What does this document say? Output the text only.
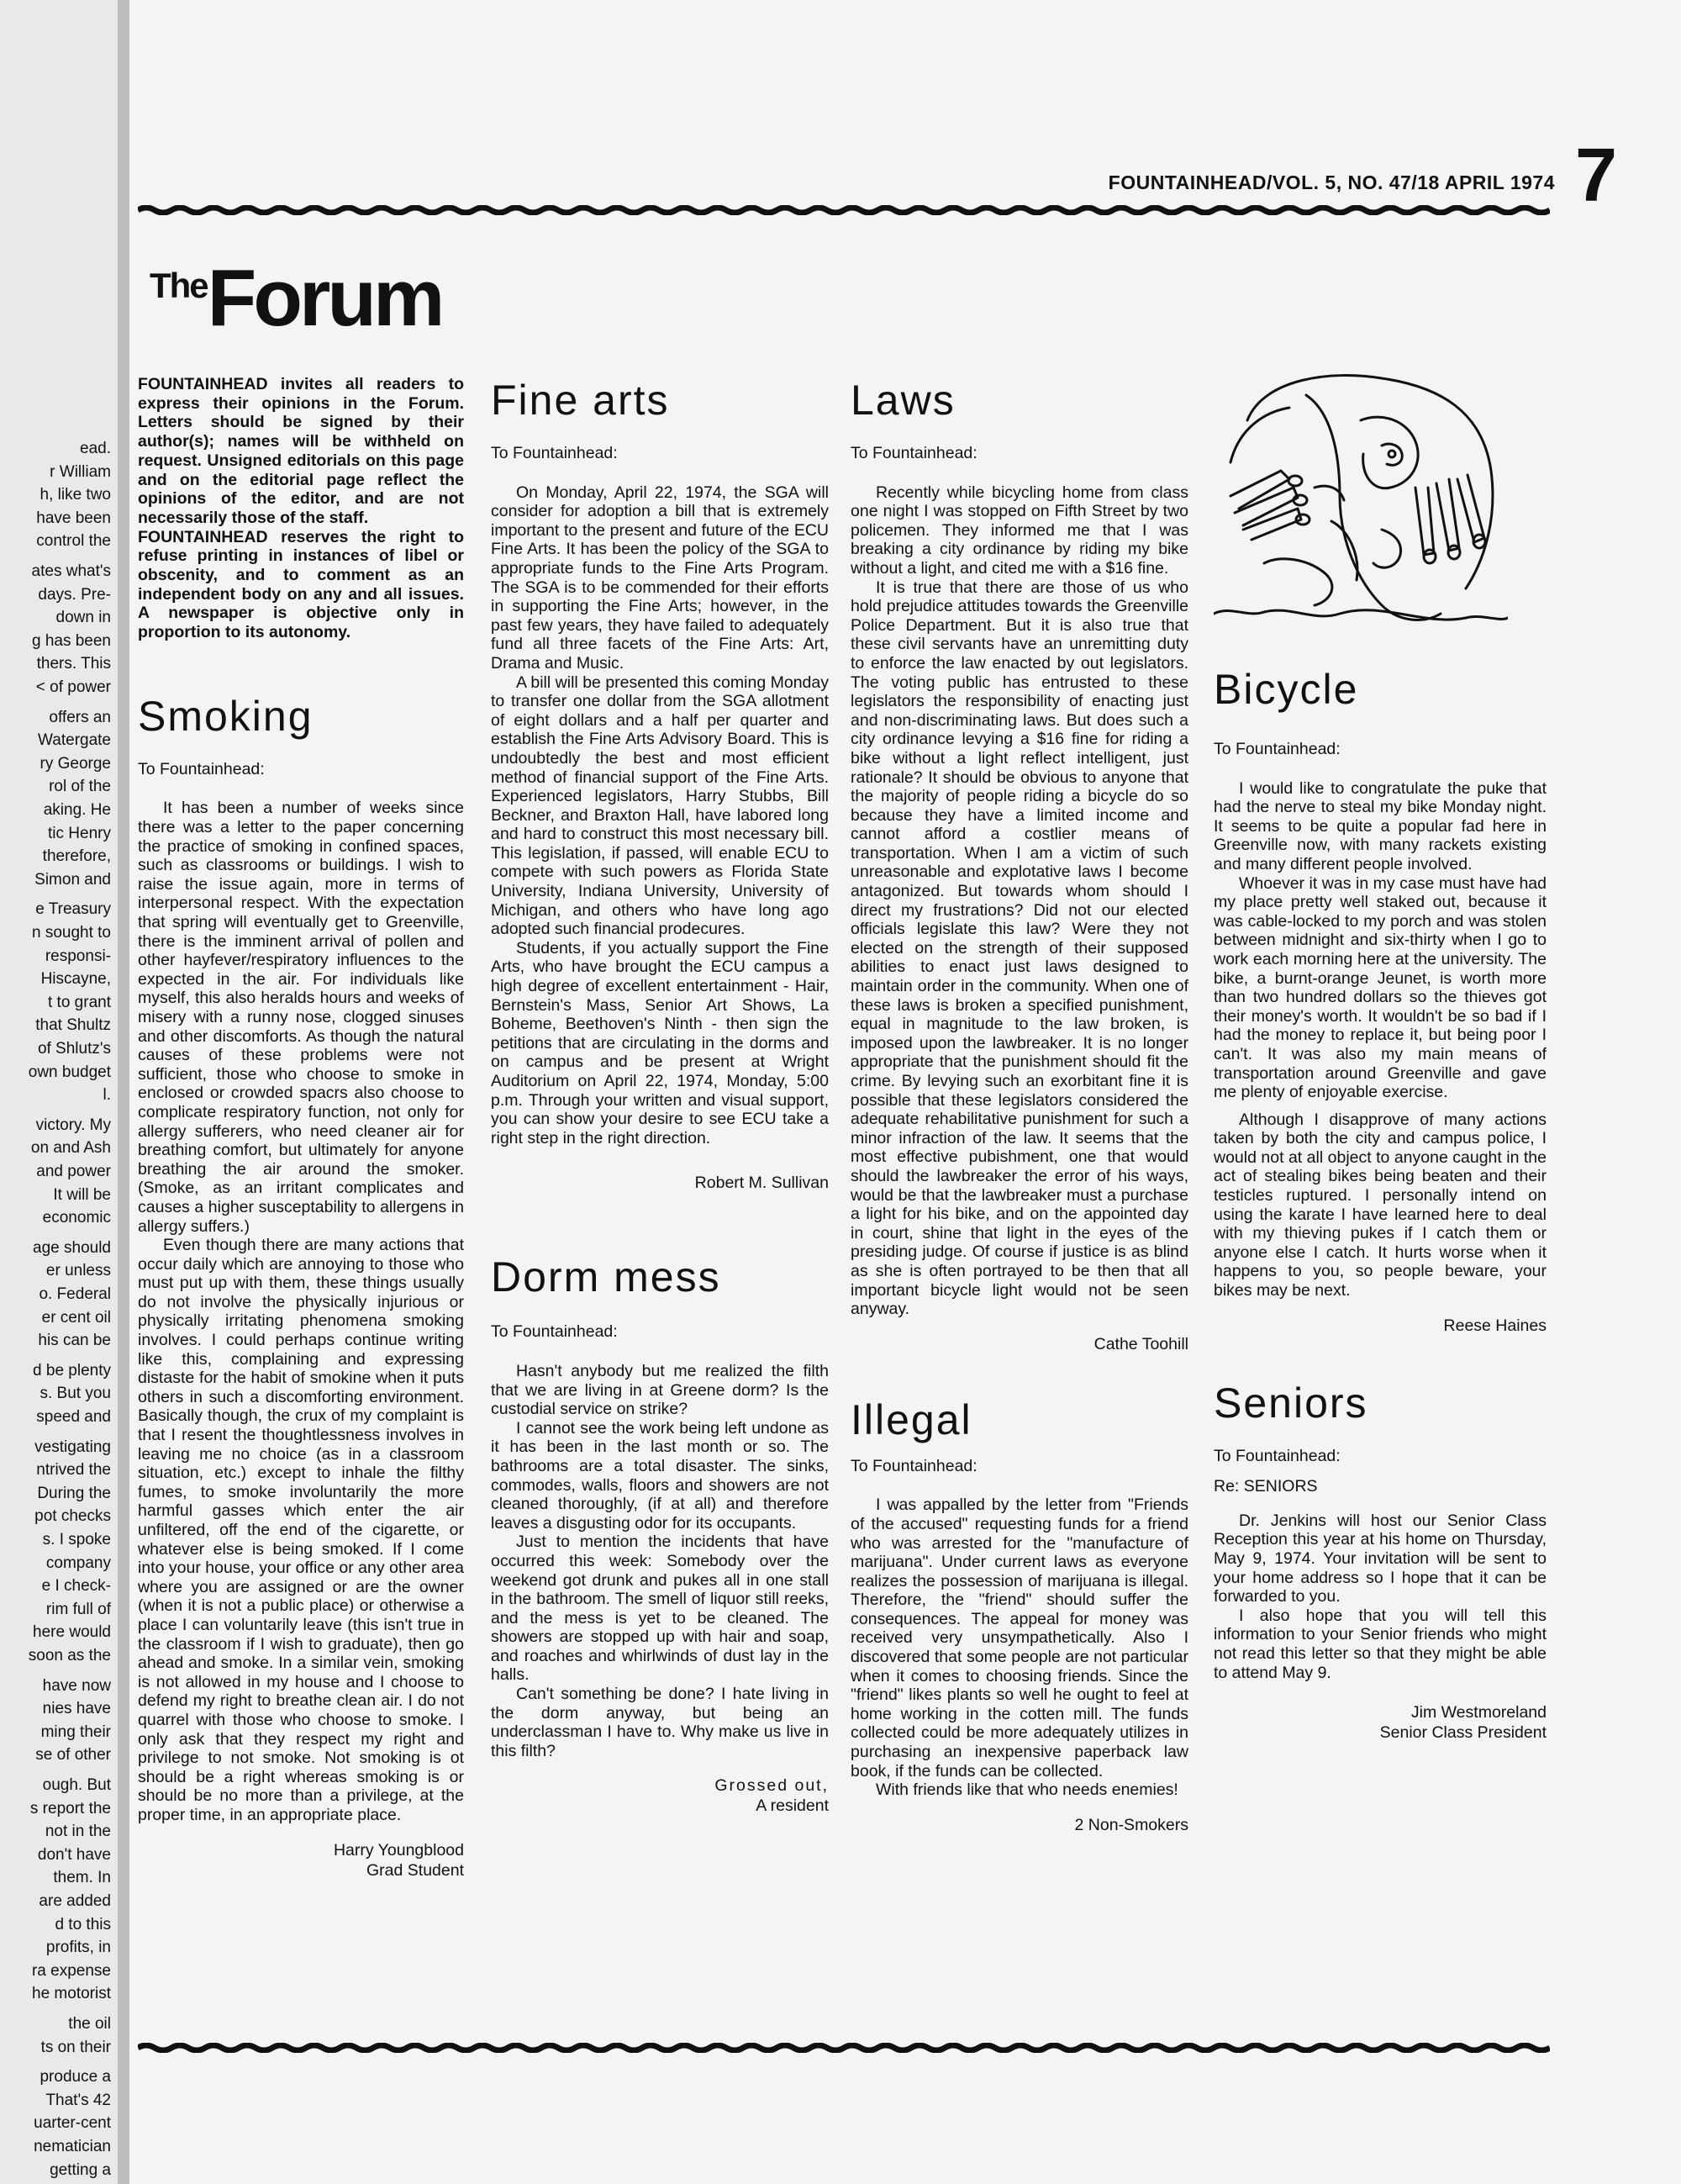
ead.
r William
h, like two
have been
control the
ates what's
days. Pre-
down in
g has been
thers. This
< of power
offers an
Watergate
ry George
rol of the
aking. He
tic Henry
therefore,
Simon and
e Treasury
n sought to
responsi-
Hiscayne,
t to grant
that Shultz
of Shlutz's
own budget
l.
victory. My
on and Ash
and power
It will be
economic
age should
er unless
o. Federal
er cent oil
his can be
d be plenty
s. But you
speed and
vestigating
ntrived the
During the
pot checks
s. I spoke
company
e I check-
rim full of
here would
soon as the
have now
nies have
ming their
se of other
ough. But
s report the
not in the
don't have
them. In
are added
d to this
profits, in
ra expense
he motorist
the oil
ts on their
produce a
That's 42
uarter-cent
nematician
getting a
FOUNTAINHEAD/VOL. 5, NO. 47/18 APRIL 1974 7
TheForum

FOUNTAINHEAD invites all readers to express their opinions in the Forum. Letters should be signed by their author(s); names will be withheld on request. Unsigned editorials on this page and on the editorial page reflect the opinions of the editor, and are not necessarily those of the staff.

FOUNTAINHEAD reserves the right to refuse printing in instances of libel or obscenity, and to comment as an independent body on any and all issues. A newspaper is objective only in proportion to its autonomy.

Smoking

To Fountainhead:

It has been a number of weeks since there was a letter to the paper concerning the practice of smoking in confined spaces, such as classrooms or buildings. I wish to raise the issue again, more in terms of interpersonal respect. With the expectation that spring will eventually get to Greenville, there is the imminent arrival of pollen and other hayfever/respiratory influences to the expected in the air. For individuals like myself, this also heralds hours and weeks of misery with a runny nose, clogged sinuses and other discomforts. As though the natural causes of these problems were not sufficient, those who choose to smoke in enclosed or crowded spacrs also choose to complicate respiratory function, not only for allergy sufferers, who need cleaner air for breathing comfort, but ultimately for anyone breathing the air around the smoker. (Smoke, as an irritant complicates and causes a higher susceptability to allergens in allergy suffers.)

Even though there are many actions that occur daily which are annoying to those who must put up with them, these things usually do not involve the physically injurious or physically irritating phenomena smoking involves. I could perhaps continue writing like this, complaining and expressing distaste for the habit of smokine when it puts others in such a discomforting environment. Basically though, the crux of my complaint is that I resent the thoughtlessness involves in leaving me no choice (as in a classroom situation, etc.) except to inhale the filthy fumes, to smoke involuntarily the more harmful gasses which enter the air unfiltered, off the end of the cigarette, or whatever else is being smoked. If I come into your house, your office or any other area where you are assigned or are the owner (when it is not a public place) or otherwise a place I can voluntarily leave (this isn't true in the classroom if I wish to graduate), then go ahead and smoke. In a similar vein, smoking is not allowed in my house and I choose to defend my right to breathe clean air. I do not quarrel with those who choose to smoke. I only ask that they respect my right and privilege to not smoke. Not smoking is ot should be a right whereas smoking is or should be no more than a privilege, at the proper time, in an appropriate place.

Harry Youngblood
Grad Student
Fine arts

To Fountainhead:

On Monday, April 22, 1974, the SGA will consider for adoption a bill that is extremely important to the present and future of the ECU Fine Arts. It has been the policy of the SGA to appropriate funds to the Fine Arts Program. The SGA is to be commended for their efforts in supporting the Fine Arts; however, in the past few years, they have failed to adequately fund all three facets of the Fine Arts: Art, Drama and Music.

A bill will be presented this coming Monday to transfer one dollar from the SGA allotment of eight dollars and a half per quarter and establish the Fine Arts Advisory Board. This is undoubtedly the best and most efficient method of financial support of the Fine Arts. Experienced legislators, Harry Stubbs, Bill Beckner, and Braxton Hall, have labored long and hard to construct this most necessary bill. This legislation, if passed, will enable ECU to compete with such powers as Florida State University, Indiana University, University of Michigan, and others who have long ago adopted such financial prodecures.

Students, if you actually support the Fine Arts, who have brought the ECU campus a high degree of excellent entertainment - Hair, Bernstein's Mass, Senior Art Shows, La Boheme, Beethoven's Ninth - then sign the petitions that are circulating in the dorms and on campus and be present at Wright Auditorium on April 22, 1974, Monday, 5:00 p.m. Through your written and visual support, you can show your desire to see ECU take a right step in the right direction.

Robert M. Sullivan
Dorm mess

To Fountainhead:

Hasn't anybody but me realized the filth that we are living in at Greene dorm? Is the custodial service on strike?

I cannot see the work being left undone as it has been in the last month or so. The bathrooms are a total disaster. The sinks, commodes, walls, floors and showers are not cleaned thoroughly, (if at all) and therefore leaves a disgusting odor for its occupants.

Just to mention the incidents that have occurred this week: Somebody over the weekend got drunk and pukes all in one stall in the bathroom. The smell of liquor still reeks, and the mess is yet to be cleaned. The showers are stopped up with hair and soap, and roaches and whirlwinds of dust lay in the halls.

Can't something be done? I hate living in the dorm anyway, but being an underclassman I have to. Why make us live in this filth?

Grossed out,
A resident
Laws

To Fountainhead:

Recently while bicycling home from class one night I was stopped on Fifth Street by two policemen. They informed me that I was breaking a city ordinance by riding my bike without a light, and cited me with a $16 fine.

It is true that there are those of us who hold prejudice attitudes towards the Greenville Police Department. But it is also true that these civil servants have an unremitting duty to enforce the law enacted by out legislators. The voting public has entrusted to these legislators the responsibility of enacting just and non-discriminating laws. But does such a city ordinance levying a $16 fine for riding a bike without a light reflect intelligent, just rationale? It should be obvious to anyone that the majority of people riding a bicycle do so because they have a limited income and cannot afford a costlier means of transportation. When I am a victim of such unreasonable and explotative laws I become antagonized. But towards whom should I direct my frustrations? Did not our elected officials legislate this law? Were they not elected on the strength of their supposed abilities to enact just laws designed to maintain order in the community. When one of these laws is broken a specified punishment, equal in magnitude to the law broken, is imposed upon the lawbreaker. It is no longer appropriate that the punishment should fit the crime. By levying such an exorbitant fine it is possible that these legislators considered the adequate rehabilitative punishment for such a minor infraction of the law. It seems that the most effective pubishment, one that would should the lawbreaker the error of his ways, would be that the lawbreaker must a purchase a light for his bike, and on the appointed day in court, shine that light in the eyes of the presiding judge. Of course if justice is as blind as she is often portrayed to be then that all important bicycle light would not be seen anyway.

Cathe Toohill
Illegal

To Fountainhead:

I was appalled by the letter from "Friends of the accused" requesting funds for a friend who was arrested for the "manufacture of marijuana". Under current laws as everyone realizes the possession of marijuana is illegal. Therefore, the "friend" should suffer the consequences. The appeal for money was received very unsympathetically. Also I discovered that some people are not particular when it comes to choosing friends. Since the "friend" likes plants so well he ought to feel at home working in the cotten mill. The funds collected could be more adequately utilizes in purchasing an inexpensive paperback law book, if the funds can be collected.

With friends like that who needs enemies!

2 Non-Smokers
Bicycle

To Fountainhead:

I would like to congratulate the puke that had the nerve to steal my bike Monday night. It seems to be quite a popular fad here in Greenville now, with many rackets existing and many different people involved.

Whoever it was in my case must have had my place pretty well staked out, because it was cable-locked to my porch and was stolen between midnight and six-thirty when I go to work each morning here at the university. The bike, a burnt-orange Jeunet, is worth more than two hundred dollars so the thieves got their money's worth. It wouldn't be so bad if I had the money to replace it, but being poor I can't. It was also my main means of transportation around Greenville and gave me plenty of enjoyable exercise.

Although I disapprove of many actions taken by both the city and campus police, I would not at all object to anyone caught in the act of stealing bikes being beaten and their testicles ruptured. I personally intend on using the karate I have learned here to deal with my thieving pukes if I catch them or anyone else I catch. It hurts worse when it happens to you, so people beware, your bikes may be next.

Reese Haines
Seniors

To Fountainhead:

Re: SENIORS

Dr. Jenkins will host our Senior Class Reception this year at his home on Thursday, May 9, 1974. Your invitation will be sent to your home address so I hope that it can be forwarded to you.

I also hope that you will tell this information to your Senior friends who might not read this letter so that they might be able to attend May 9.

Jim Westmoreland
Senior Class President
